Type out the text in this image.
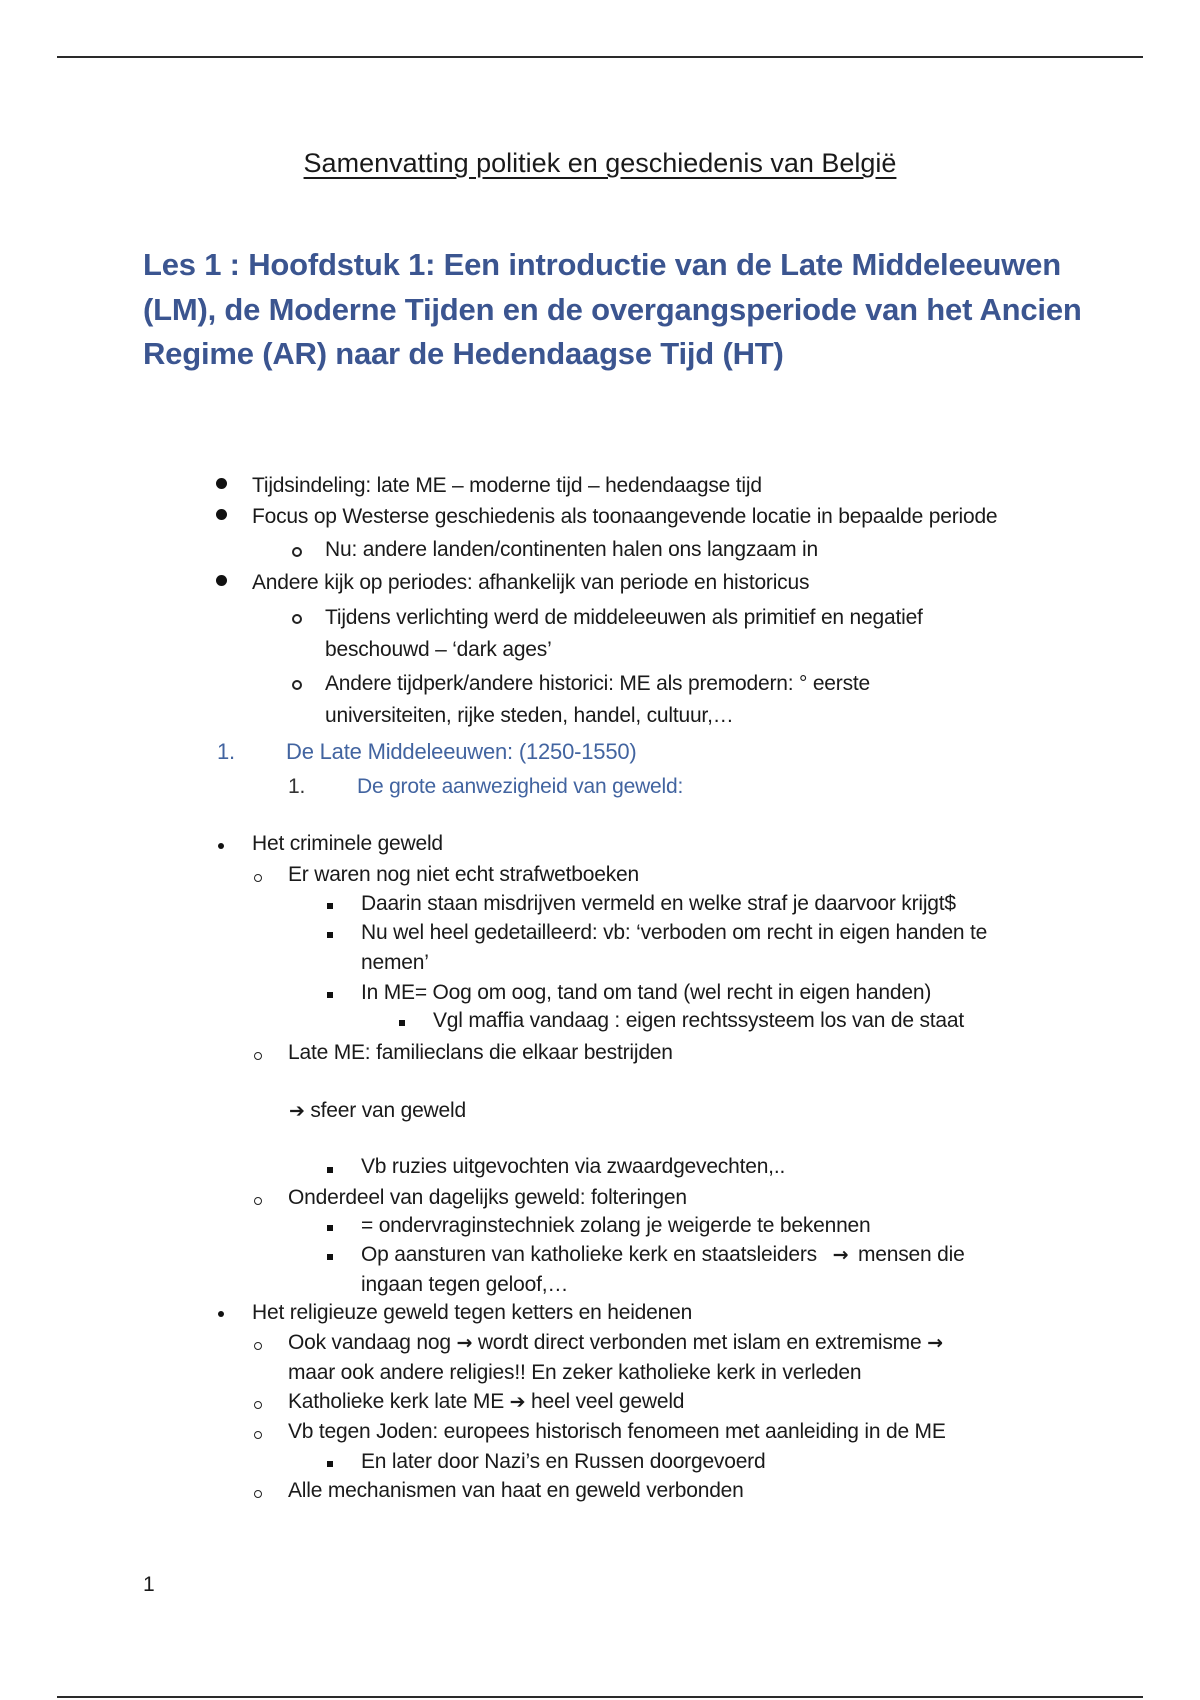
Samenvatting politiek en geschiedenis van België
Les 1 : Hoofdstuk 1: Een introductie van de Late Middeleeuwen (LM), de Moderne Tijden en de overgangsperiode van het Ancien Regime (AR) naar de Hedendaagse Tijd (HT)
Tijdsindeling: late ME – moderne tijd – hedendaagse tijd
Focus op Westerse geschiedenis als toonaangevende locatie in bepaalde periode
Nu: andere landen/continenten halen ons langzaam in
Andere kijk op periodes: afhankelijk van periode en historicus
Tijdens verlichting werd de middeleeuwen als primitief en negatief
beschouwd – ‘dark ages’
Andere tijdperk/andere historici: ME als premodern: ° eerste
universiteiten, rijke steden, handel, cultuur,…
1. De Late Middeleeuwen: (1250-1550)
1. De grote aanwezigheid van geweld:
Het criminele geweld
Er waren nog niet echt strafwetboeken
Daarin staan misdrijven vermeld en welke straf je daarvoor krijgt$
Nu wel heel gedetailleerd: vb: ‘verboden om recht in eigen handen te
nemen’
In ME= Oog om oog, tand om tand (wel recht in eigen handen)
Vgl maffia vandaag : eigen rechtssysteem los van de staat
Late ME: familieclans die elkaar bestrijden
➔ sfeer van geweld
Vb ruzies uitgevochten via zwaardgevechten,..
Onderdeel van dagelijks geweld: folteringen
= ondervraginstechniek zolang je weigerde te bekennen
Op aansturen van katholieke kerk en staatsleiders → mensen die
ingaan tegen geloof,…
Het religieuze geweld tegen ketters en heidenen
Ook vandaag nog → wordt direct verbonden met islam en extremisme →
maar ook andere religies!! En zeker katholieke kerk in verleden
Katholieke kerk late ME ➔ heel veel geweld
Vb tegen Joden: europees historisch fenomeen met aanleiding in de ME
En later door Nazi’s en Russen doorgevoerd
Alle mechanismen van haat en geweld verbonden
1
